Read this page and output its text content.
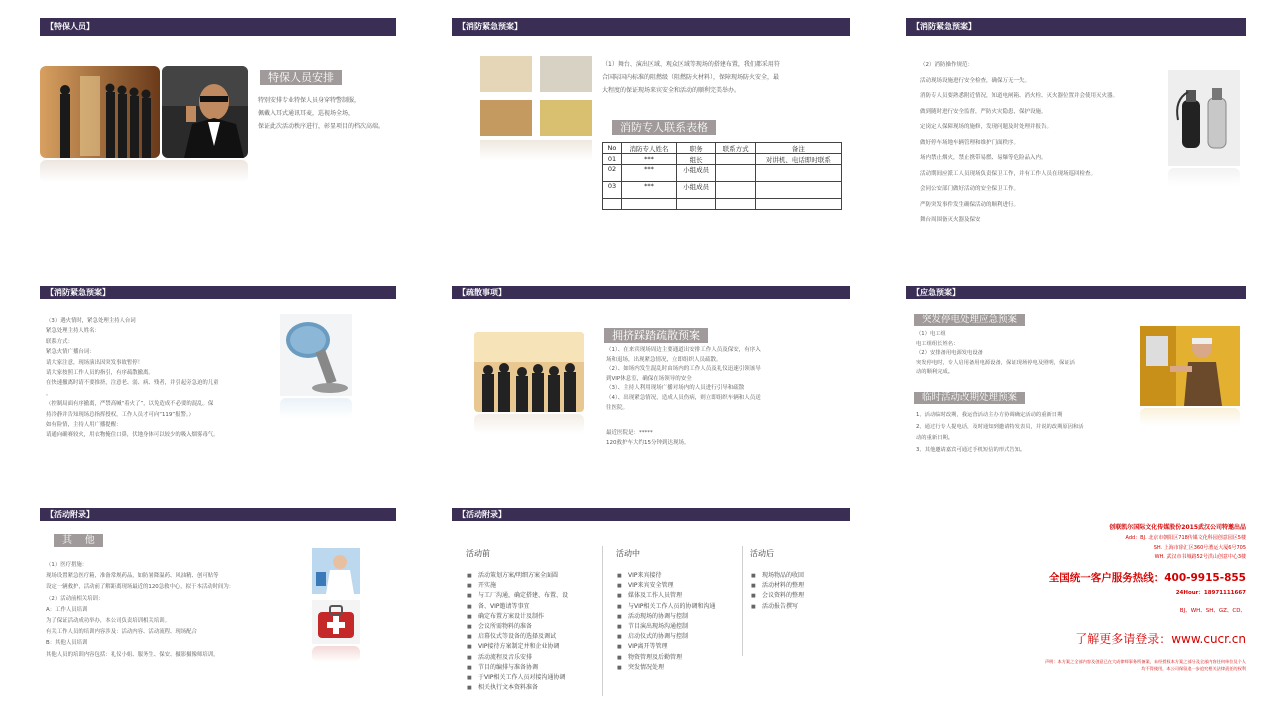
【特保人员】
特保人员安排
特别安排专业特保人员身穿特警制服，
佩戴入耳式通讯耳麦，巡视场全场，
保证此次活动秩序进行，彰显项目的档次高端。
【消防紧急预案】
（1）舞台、演出区域、观众区域等现场的搭建布置，我们都采用符
合国际国内标准的阻燃级（阻燃防火材料），保障现场防火安全，最
大程度的保证现场来宾安全和活动的顺利完美举办。
消防专人联系表格
No	消防专人姓名	职务	联系方式	备注
01	***	组长		对讲机、电话即时联系
02	***	小组成员		
03	***	小组成员		

【消防紧急预案】
（2）消防操作规范：
活动现场设施进行安全检查，确保万无一失。
消防专人员要熟悉附近情况，知道电闸箱、消火栓、灭火器位置并会使用灭火器。
做到随时进行安全监督，严防火灾隐患，保护设施。
定岗定人保障现场的施修，发现问题及时处理并报告。
做好停车场地车辆管理和维护门面秩序。
场内禁止烟火，禁止携带易燃、易爆等危险品入内。
活动期间应派工人员现场负责保卫工作，并有工作人员在现场巡回检查。
会同公安部门做好活动的安全保卫工作。
严防突发事件发生确保活动的顺利进行。
舞台周围备灭火器及保安
【消防紧急预案】
（3）遇火情时，紧急处理主持人台词
紧急处理主持人姓名：
联系方式：
紧急火情广播台词：
请大家注意，现场演出因突发事故暂停！
请大家按照工作人员的指引，有序疏散撤离。
在快速撤离时请不要推挤，注意老、弱、病、残者，并引起旁急迫的儿童
。
（控制局面有序撤离，严禁高喊“着火了”，以免造成不必要的混乱。保
持冷静并告知现场总指挥授权，工作人员才可向“119”报警。）
如有险情，主持人用广播提醒：
请通向确赛较火，用衣物掩住口鼻，伏地身体可以较少的吸入烟雾毒气。
【疏散事项】
拥挤踩踏疏散预案
（1）、在来宾现场周边主要通道出安排工作人员及保安，有序入
场和退场，出现紧急情况，立即组织人员疏散。
（2）、如场内发生混乱时由场内的工作人员及礼仪迅速引领该导
到VIP休息室，确保在场领导的安全
（3）、主持人利用现场广播对场内的人员进行引导和疏散
（4）、出现紧急情况，造成人员伤病，则立即组织车辆和人员送
往医院。
最近医院是：*****
120救护车大约15分钟到达现场。
【应急预案】
突发停电处理应急预案
（1）电工组
电工组组长姓名：
（2）安排备用电源发电设备
突发停电时，专人启用备用电源设备，保证现场停电及照明，保证活
动的顺利完成。
临时活动改期处理预案
1、活动临时改期，我运营活动主办方协调确定活动的重新日期
2、通过行专人提电话，及时通知到邀请特发表员，并说的改期原因和活
动的重新日期。
3、其他邀请嘉宾可通过手机短信的形式告知。
【活动附录】
其    他
（1）医疗措施：
现场设置紧急医疗箱，准备常规药品，如防暑降温药、风油精、创可贴等
设定一辆救护，活动前了解距离现场最近的120急救中心，拟于本活动时间为：
（2）活动前相关培训：
A：工作人员培训
为了保证活动成功举办，本公司负责培训相关培训。
有关工作人员的培训内容涉及：活动内容、活动流程、现场配合
B：其他人员培训
其他人员的培训内容包括：礼仪小姐、服务生、保安、摄影摄像师培训。
【活动附录】
活动前
■ 活动策划方案/明细方案全面圆
■ 开实施
■ 与工厂沟通，确定搭建、布置、设
■ 备、VIP邀请等事宜
■ 确定布置方案设计及制作
■ 会议所需物料的准备
■ 启幕仪式等设备的选择及调试
■ VIP接待方案制定并和企业协调
■ 活动流程及音乐安排
■ 节目的编排与准备协调
■ 于VIP相关工作人员对接沟通协调
■ 相关执行文本资料准备
活动中
■ VIP来宾接待
■ VIP来宾安全管理
■ 媒体及工作人员管理
■ 与VIP相关工作人员的协调和沟通
■ 活动现场的协调与控制
■ 节目演出现场沟通控制
■ 启动仪式的协调与控制
■ VIP离开等管理
■ 物资管理及后勤管理
■ 突发情况处理
活动后
■ 现场物品的收回
■ 活动材料的整理
■ 会议资料的整理
■ 活动报告撰写
创联凯尔国际文化传媒股份2015武汉公司特邀出品
Add：BJ. 北京市朝阳区718传媒文化科园创意园区5楼
SH. 上海市徐汇区360号漕运大厦6号705
WH. 武汉市书城路52号洪山创意中心3楼
全国统一客户服务热线：400-9915-855
24Hour：18971111667
BJ、WH、SH、GZ、CD、
了解更多请登录：www.cucr.cn
声明：本方案之全部内容及创意已在大成律师事务所备案，未经授权本方案之部分及全部内容任何单位及个人
均不得使用，本公司保留追一步追究相关法律责任的权利
